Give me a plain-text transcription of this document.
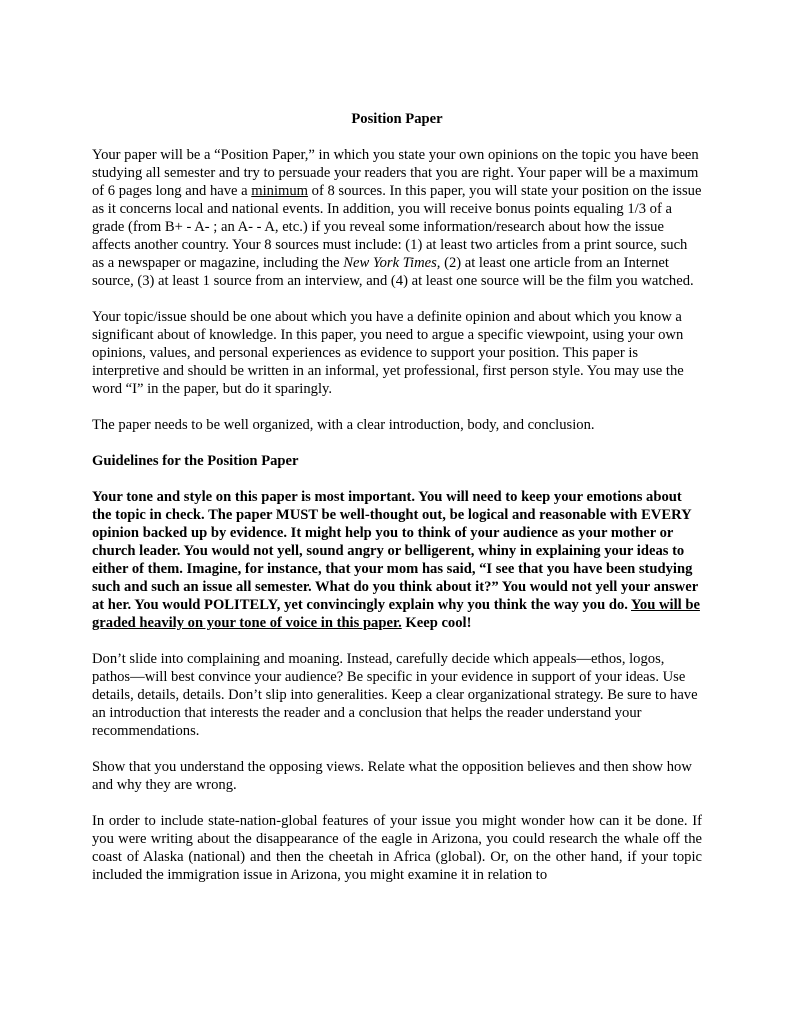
Position Paper

Your paper will be a “Position Paper,” in which you state your own opinions on the topic you have been studying all semester and try to persuade your readers that you are right. Your paper will be a maximum of 6 pages long and have a minimum of 8 sources. In this paper, you will state your position on the issue as it concerns local and national events. In addition, you will receive bonus points equaling 1/3 of a grade (from B+ - A- ; an A- - A, etc.) if you reveal some information/research about how the issue affects another country. Your 8 sources must include: (1) at least two articles from a print source, such as a newspaper or magazine, including the New York Times, (2) at least one article from an Internet source, (3) at least 1 source from an interview, and (4) at least one source will be the film you watched.

Your topic/issue should be one about which you have a definite opinion and about which you know a significant about of knowledge. In this paper, you need to argue a specific viewpoint, using your own opinions, values, and personal experiences as evidence to support your position. This paper is interpretive and should be written in an informal, yet professional, first person style. You may use the word “I” in the paper, but do it sparingly.

The paper needs to be well organized, with a clear introduction, body, and conclusion.

Guidelines for the Position Paper

Your tone and style on this paper is most important. You will need to keep your emotions about the topic in check. The paper MUST be well-thought out, be logical and reasonable with EVERY opinion backed up by evidence. It might help you to think of your audience as your mother or church leader. You would not yell, sound angry or belligerent, whiny in explaining your ideas to either of them. Imagine, for instance, that your mom has said, “I see that you have been studying such and such an issue all semester. What do you think about it?” You would not yell your answer at her. You would POLITELY, yet convincingly explain why you think the way you do. You will be graded heavily on your tone of voice in this paper. Keep cool!

Don’t slide into complaining and moaning. Instead, carefully decide which appeals—ethos, logos, pathos—will best convince your audience? Be specific in your evidence in support of your ideas. Use details, details, details. Don’t slip into generalities. Keep a clear organizational strategy. Be sure to have an introduction that interests the reader and a conclusion that helps the reader understand your recommendations.

Show that you understand the opposing views. Relate what the opposition believes and then show how and why they are wrong.

In order to include state-nation-global features of your issue you might wonder how can it be done. If you were writing about the disappearance of the eagle in Arizona, you could research the whale off the coast of Alaska (national) and then the cheetah in Africa (global). Or, on the other hand, if your topic included the immigration issue in Arizona, you might examine it in relation to
